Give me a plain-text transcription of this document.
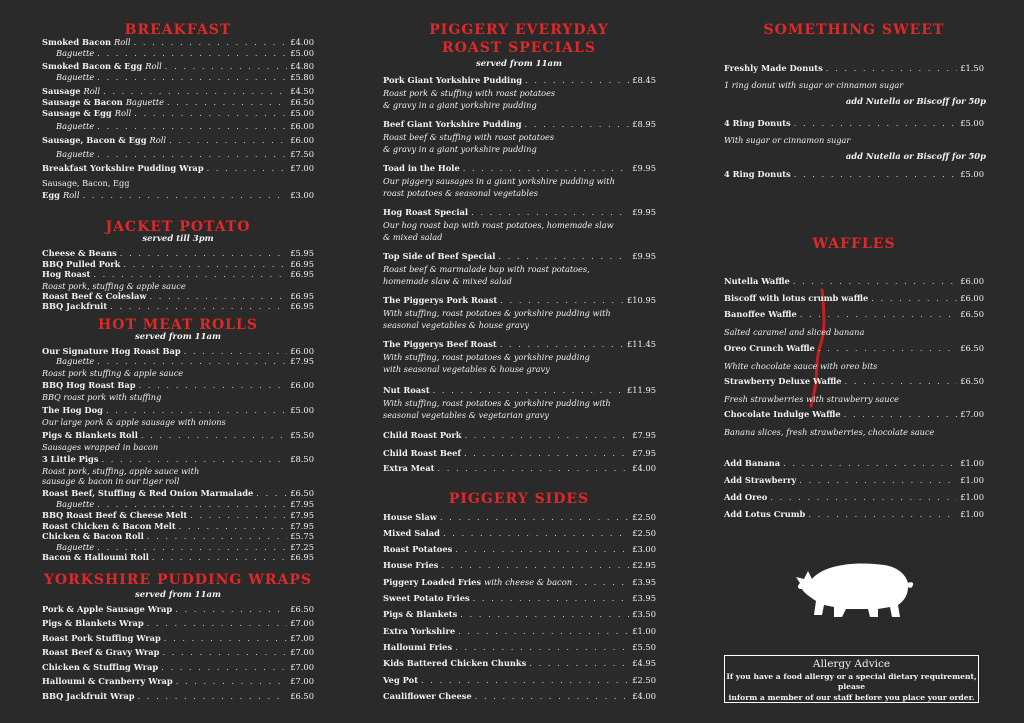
BREAKFAST
JACKET POTATO
served till 3pm
HOT MEAT ROLLS
served from 11am
YORKSHIRE PUDDING WRAPS
served from 11am
PIGGERY EVERYDAY
ROAST SPECIALS
served from 11am
PIGGERY SIDES
SOMETHING SWEET
WAFFLES
Allergy Advice
If you have a food allergy or a special dietary requirement, please
inform a member of our staff before you place your order.
Smoked Bacon Roll . . .	£4.00
Baguette . . .	£5.00
Smoked Bacon & Egg Roll . . .	£4.80
Baguette . . .	£5.80
Sausage Roll . . .	£4.50
Sausage & Bacon Baguette . . .	£6.50
Sausage & Egg Roll . . .	£5.00
Baguette . . .	£6.00
Sausage, Bacon & Egg Roll . . .	£6.00
Baguette . . .	£7.50
Breakfast Yorkshire Pudding Wrap . . .	£7.00
Sausage, Bacon, Egg
Egg Roll . . .	£3.00
Cheese & Beans . . .	£5.95
BBQ Pulled Pork . . .	£6.95
Hog Roast . . .	£6.95
Roast pork, stuffing & apple sauce
Roast Beef & Coleslaw . . .	£6.95
BBQ Jackfruit . . .	£6.95
Our Signature Hog Roast Bap . . .	£6.00
Baguette . . .	£7.95
Roast pork stuffing & apple sauce
BBQ Hog Roast Bap . . .	£6.00
BBQ roast pork with stuffing
The Hog Dog . . .	£5.00
Our large pork & apple sausage with onions
Pigs & Blankets Roll . . .	£5.50
Sausages wrapped in bacon
3 Little Pigs . . .	£8.50
Roast pork, stuffing, apple sauce with
sausage & bacon in our tiger roll
Roast Beef, Stuffing & Red Onion Marmalade . . .	£6.50
Baguette . . .	£7.95
BBQ Roast Beef & Cheese Melt . . .	£7.95
Roast Chicken & Bacon Melt . . .	£7.95
Chicken & Bacon Roll . . .	£5.75
Baguette . . .	£7.25
Bacon & Halloumi Roll . . .	£6.95
Pork & Apple Sausage Wrap . . .	£6.50
Pigs & Blankets Wrap . . .	£7.00
Roast Pork Stuffing Wrap . . .	£7.00
Roast Beef & Gravy Wrap . . .	£7.00
Chicken & Stuffing Wrap . . .	£7.00
Halloumi & Cranberry Wrap . . .	£7.00
BBQ Jackfruit Wrap . . .	£6.50
Pork Giant Yorkshire Pudding . . .	£8.45
Roast pork & stuffing with roast potatoes
& gravy in a giant yorkshire pudding
Beef Giant Yorkshire Pudding . . .	£8.95
Roast beef & stuffing with roast potatoes
& gravy in a giant yorkshire pudding
Toad in the Hole . . .	£9.95
Our piggery sausages in a giant yorkshire pudding with
roast potatoes & seasonal vegetables
Hog Roast Special . . .	£9.95
Our hog roast bap with roast potatoes, homemade slaw
& mixed salad
Top Side of Beef Special . . .	£9.95
Roast beef & marmalade bap with roast potatoes,
homemade slaw & mixed salad
The Piggerys Pork Roast . . .	£10.95
With stuffing, roast potatoes & yorkshire pudding with
seasonal vegetables & house gravy
The Piggerys Beef Roast . . .	£11.45
With stuffing, roast potatoes & yorkshire pudding
with seasonal vegetables & house gravy
Nut Roast . . .	£11.95
With stuffing, roast potatoes & yorkshire pudding with
seasonal vegetables & vegetarian gravy
Child Roast Pork . . .	£7.95
Child Roast Beef . . .	£7.95
Extra Meat . . .	£4.00
House Slaw . . .	£2.50
Mixed Salad . . .	£2.50
Roast Potatoes . . .	£3.00
House Fries . . .	£2.95
Piggery Loaded Fries with cheese & bacon . . .	£3.95
Sweet Potato Fries . . .	£3.95
Pigs & Blankets . . .	£3.50
Extra Yorkshire . . .	£1.00
Halloumi Fries . . .	£5.50
Kids Battered Chicken Chunks . . .	£4.95
Veg Pot . . .	£2.50
Cauliflower Cheese . . .	£4.00
Freshly Made Donuts . . .	£1.50
1 ring donut with sugar or cinnamon sugar
add Nutella or Biscoff for 50p
4 Ring Donuts . . .	£5.00
With sugar or cinnamon sugar
add Nutella or Biscoff for 50p
4 Ring Donuts . . .	£5.00
Nutella Waffle . . .	£6.00
Biscoff with lotus crumb waffle . . .	£6.00
Banoffee Waffle . . .	£6.50
Salted caramel and sliced banana
Oreo Crunch Waffle . . .	£6.50
White chocolate sauce with oreo bits
Strawberry Deluxe Waffle . . .	£6.50
Fresh strawberries with strawberry sauce
Chocolate Indulge Waffle . . .	£7.00
Banana slices, fresh strawberries, chocolate sauce
Add Banana . . .	£1.00
Add Strawberry . . .	£1.00
Add Oreo . . .	£1.00
Add Lotus Crumb . . .	£1.00
